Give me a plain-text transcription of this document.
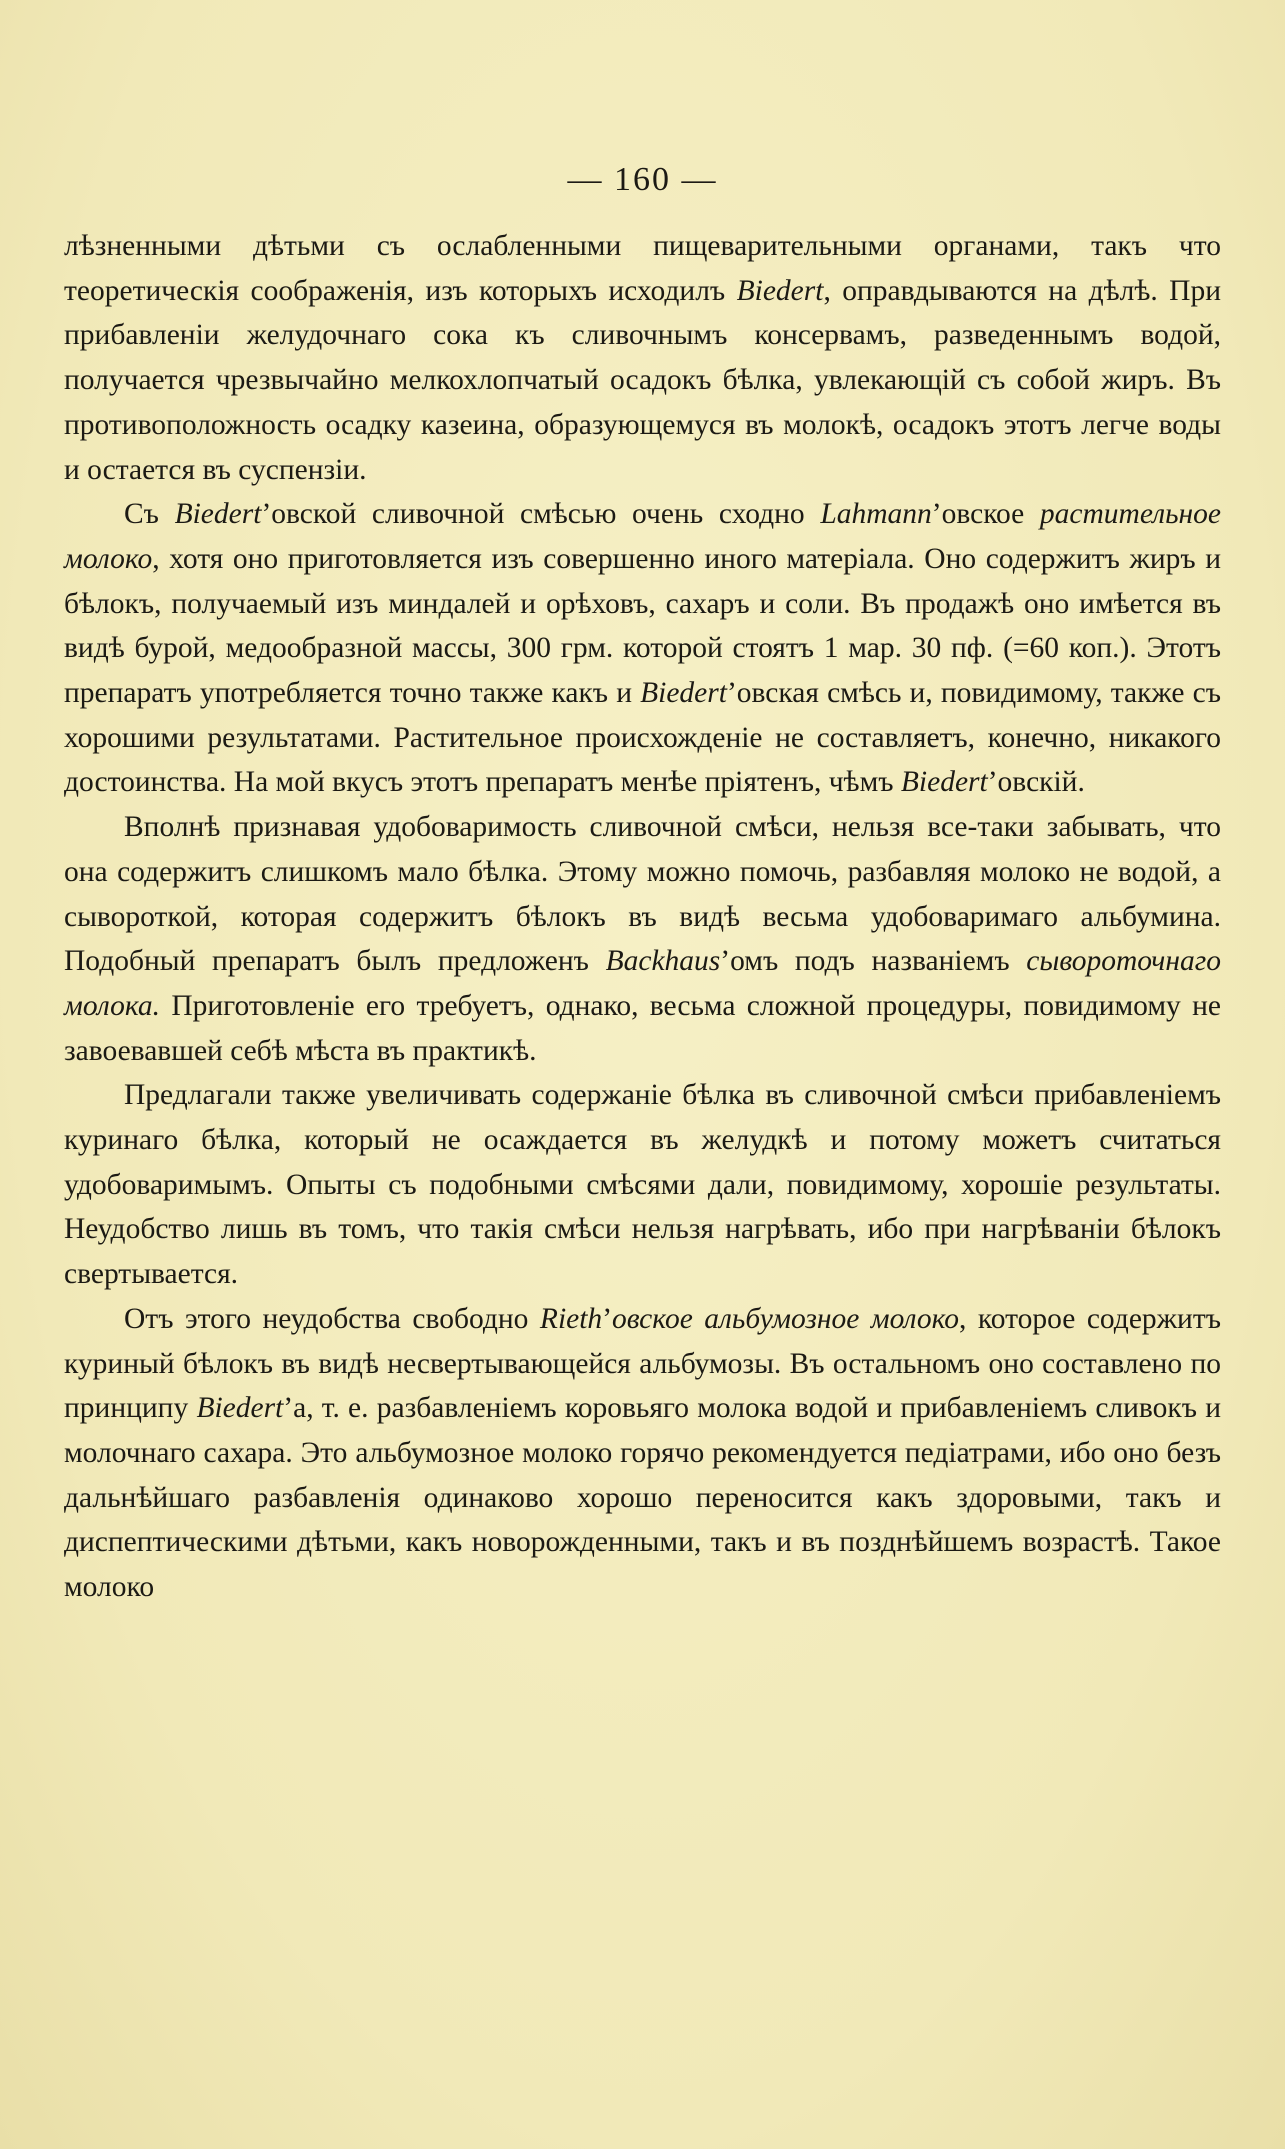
— 160 —

лѣзненными дѣтьми съ ослабленными пищеварительными органами, такъ что теоретическія соображенія, изъ которыхъ исходилъ Biedert, оправдываются на дѣлѣ. При прибавленіи желудочнаго сока къ сливочнымъ консервамъ, разведеннымъ водой, получается чрезвычайно мелкохлопчатый осадокъ бѣлка, увлекающій съ собой жиръ. Въ противоположность осадку казеина, образующемуся въ молокѣ, осадокъ этотъ легче воды и остается въ суспензіи.

Съ Biedert’овской сливочной смѣсью очень сходно Lahmann’овское растительное молоко, хотя оно приготовляется изъ совершенно иного матеріала. Оно содержитъ жиръ и бѣлокъ, получаемый изъ миндалей и орѣховъ, сахаръ и соли. Въ продажѣ оно имѣется въ видѣ бурой, медообразной массы, 300 грм. которой стоятъ 1 мар. 30 пф. (=60 коп.). Этотъ препаратъ употребляется точно также какъ и Biedert’овская смѣсь и, повидимому, также съ хорошими результатами. Растительное происхожденіе не составляетъ, конечно, никакого достоинства. На мой вкусъ этотъ препаратъ менѣе пріятенъ, чѣмъ Biedert’овскій.

Вполнѣ признавая удобоваримость сливочной смѣси, нельзя все-таки забывать, что она содержитъ слишкомъ мало бѣлка. Этому можно помочь, разбавляя молоко не водой, а сывороткой, которая содержитъ бѣлокъ въ видѣ весьма удобоваримаго альбумина. Подобный препаратъ былъ предложенъ Backhaus’омъ подъ названіемъ сывороточнаго молока. Приготовленіе его требуетъ, однако, весьма сложной процедуры, повидимому не завоевавшей себѣ мѣста въ практикѣ.

Предлагали также увеличивать содержаніе бѣлка въ сливочной смѣси прибавленіемъ куринаго бѣлка, который не осаждается въ желудкѣ и потому можетъ считаться удобоваримымъ. Опыты съ подобными смѣсями дали, повидимому, хорошіе результаты. Неудобство лишь въ томъ, что такія смѣси нельзя нагрѣвать, ибо при нагрѣваніи бѣлокъ свертывается.

Отъ этого неудобства свободно Rieth’овское альбумозное молоко, которое содержитъ куриный бѣлокъ въ видѣ несвертывающейся альбумозы. Въ остальномъ оно составлено по принципу Biedert’а, т. е. разбавленіемъ коровьяго молока водой и прибавленіемъ сливокъ и молочнаго сахара. Это альбумозное молоко горячо рекомендуется педіатрами, ибо оно безъ дальнѣйшаго разбавленія одинаково хорошо переносится какъ здоровыми, такъ и диспептическими дѣтьми, какъ новорожденными, такъ и въ позднѣйшемъ возрастѣ. Такое молоко
